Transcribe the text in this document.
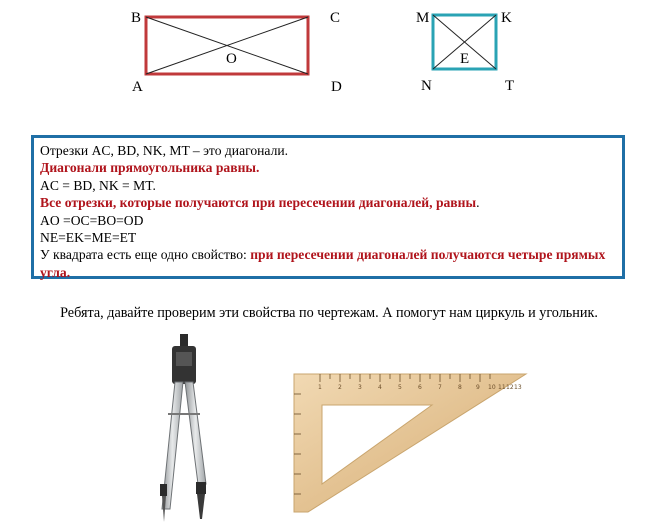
B	C
A	D
O
M	K
N	T
E

Отрезки AC, BD, NK, MT – это диагонали.

Диагонали прямоугольника равны.

AC = BD, NK = MT.

Все отрезки, которые получаются при пересечении диагоналей, равны.

AO =OC=BO=OD

NE=EK=ME=ET

У квадрата есть еще одно свойство: при пересечении диагоналей получаются четыре прямых угла.

Ребята, давайте проверим эти свойства по чертежам. А помогут нам циркуль и угольник.
1	2	3	4	5	6	7	8 9 10 11 12 13
